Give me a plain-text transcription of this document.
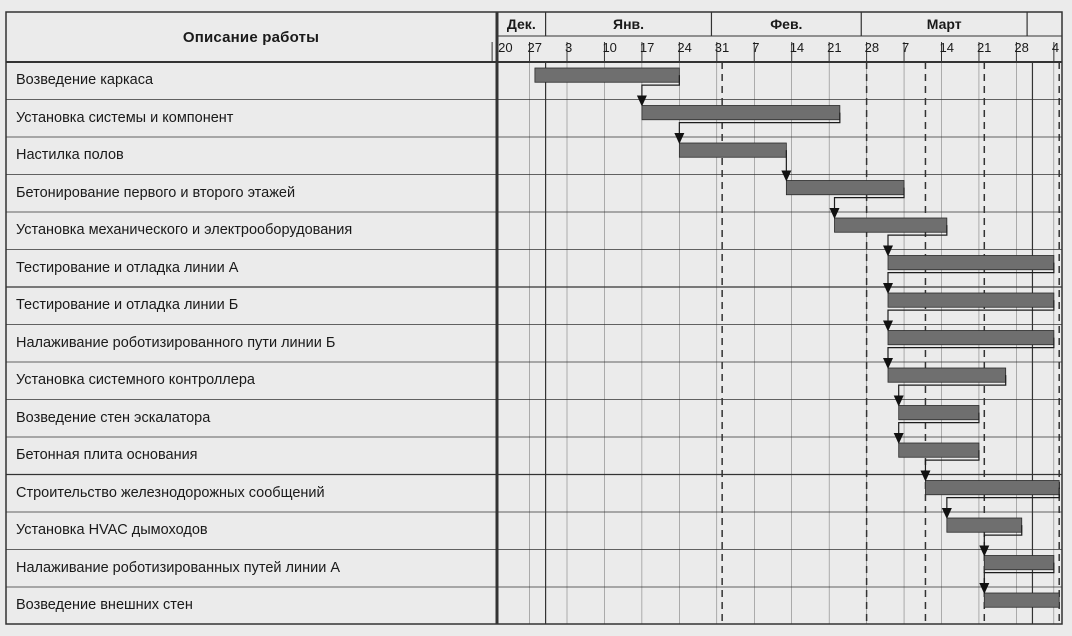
Описание работы
Дек.	Янв.	Фев.	Март
20 27 3 10 17 24 31 7 14 21 28 7 14 21 28 4
Возведение каркаса
Установка системы и компонент
Настилка полов
Бетонирование первого и второго этажей
Установка механического и электрооборудования
Тестирование и отладка линии А
Тестирование и отладка линии Б
Налаживание роботизированного пути линии Б
Установка системного контроллера
Возведение стен эскалатора
Бетонная плита основания
Строительство железнодорожных сообщений
Установка HVAC дымоходов
Налаживание роботизированных путей линии А
Возведение внешних стен
